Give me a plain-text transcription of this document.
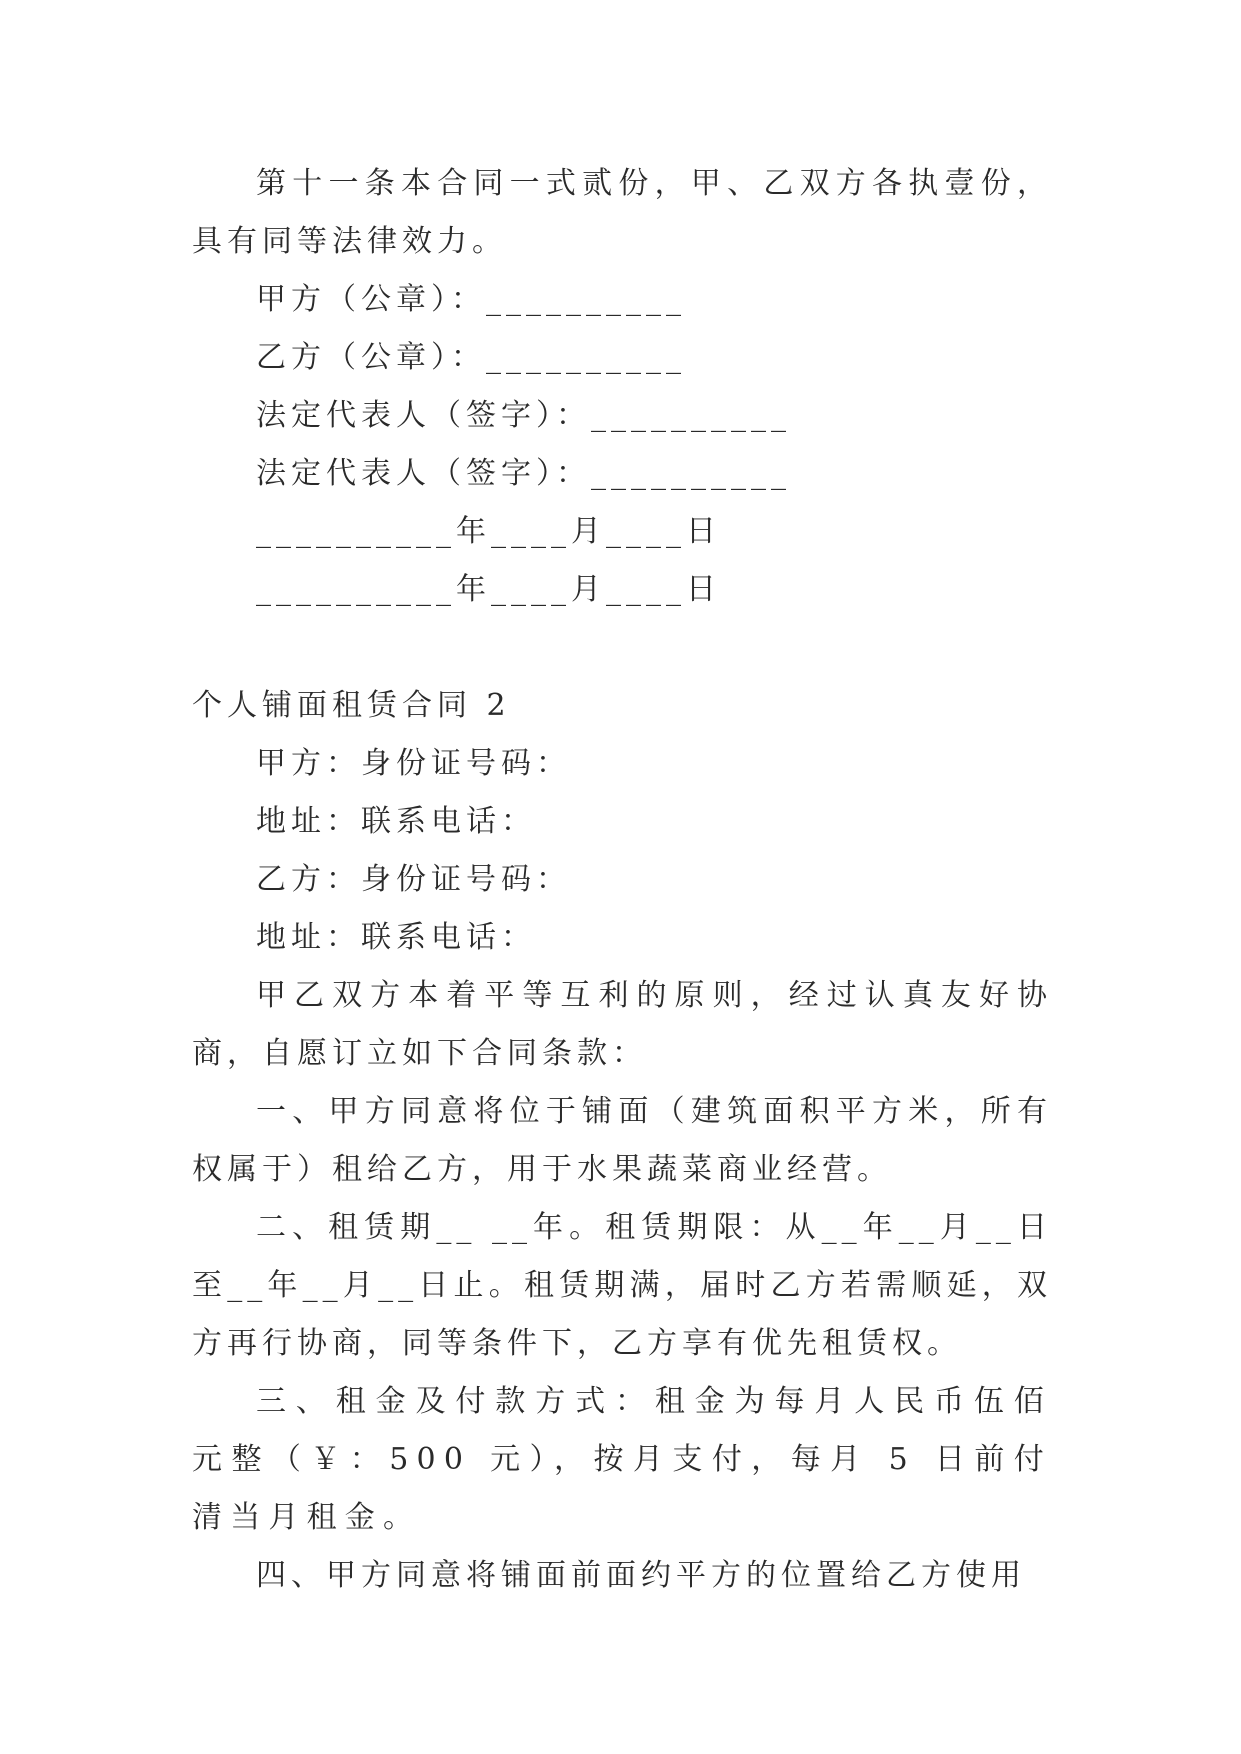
第十一条本合同一式贰份，甲、乙双方各执壹份，具有同等法律效力。

甲方（公章）：__________

乙方（公章）：__________

法定代表人（签字）：__________

法定代表人（签字）：__________

__________年____月____日

__________年____月____日

个人铺面租赁合同 2

甲方：身份证号码：

地址：联系电话：

乙方：身份证号码：

地址：联系电话：

甲乙双方本着平等互利的原则，经过认真友好协商，自愿订立如下合同条款：

一、甲方同意将位于铺面（建筑面积平方米，所有权属于）租给乙方，用于水果蔬菜商业经营。

二、租赁期__ __年。租赁期限：从__年__月__日至__年__月__日止。租赁期满，届时乙方若需顺延，双方再行协商，同等条件下，乙方享有优先租赁权。

三、租金及付款方式：租金为每月人民币伍佰元整（￥：500 元），按月支付，每月 5 日前付清当月租金。

四、甲方同意将铺面前面约平方的位置给乙方使用
